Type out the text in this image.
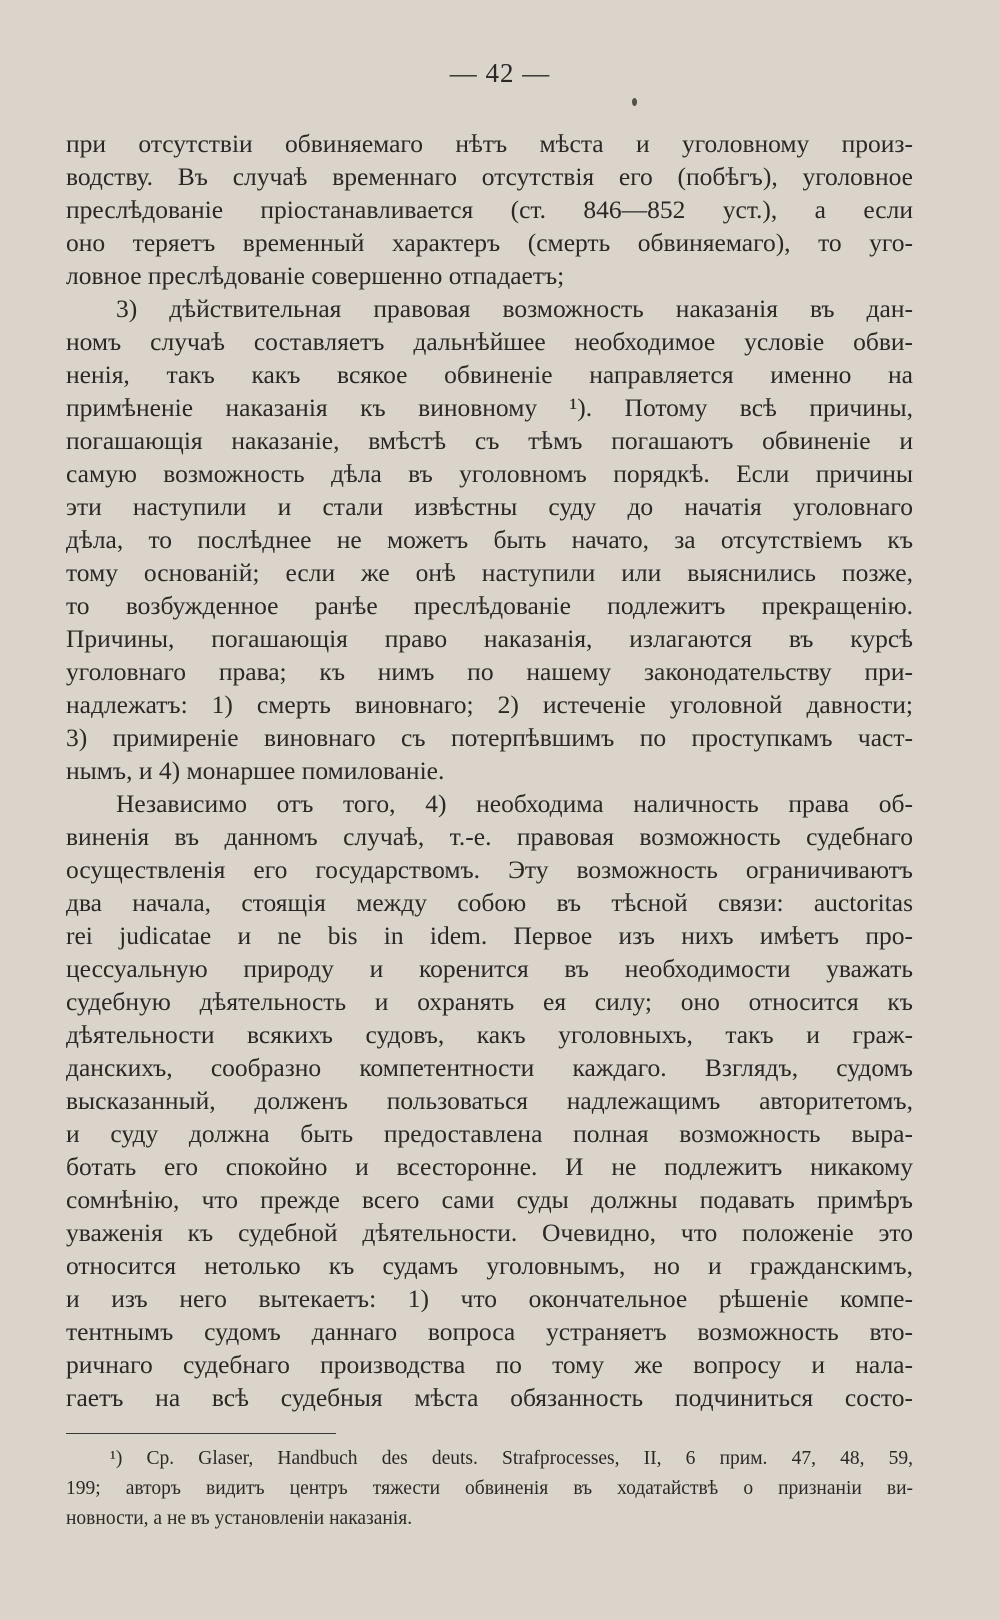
— 42 —
при отсутствіи обвиняемаго нѣтъ мѣста и уголовному произ-
водству. Въ случаѣ временнаго отсутствія его (побѣгъ), уголовное
преслѣдованіе пріостанавливается (ст. 846—852 уст.), а если
оно теряетъ временный характеръ (смерть обвиняемаго), то уго-
ловное преслѣдованіе совершенно отпадаетъ;
3) дѣйствительная правовая возможность наказанія въ дан-
номъ случаѣ составляетъ дальнѣйшее необходимое условіе обви-
ненія, такъ какъ всякое обвиненіе направляется именно на
примѣненіе наказанія къ виновному ¹). Потому всѣ причины,
погашающія наказаніе, вмѣстѣ съ тѣмъ погашаютъ обвиненіе и
самую возможность дѣла въ уголовномъ порядкѣ. Если причины
эти наступили и стали извѣстны суду до начатія уголовнаго
дѣла, то послѣднее не можетъ быть начато, за отсутствіемъ къ
тому основаній; если же онѣ наступили или выяснились позже,
то возбужденное ранѣе преслѣдованіе подлежитъ прекращенію.
Причины, погашающія право наказанія, излагаются въ курсѣ
уголовнаго права; къ нимъ по нашему законодательству при-
надлежатъ: 1) смерть виновнаго; 2) истеченіе уголовной давности;
3) примиреніе виновнаго съ потерпѣвшимъ по проступкамъ част-
нымъ, и 4) монаршее помилованіе.
Независимо отъ того, 4) необходима наличность права об-
виненія въ данномъ случаѣ, т.-е. правовая возможность судебнаго
осуществленія его государствомъ. Эту возможность ограничиваютъ
два начала, стоящія между собою въ тѣсной связи: auctoritas
rei judicatae и ne bis in idem. Первое изъ нихъ имѣетъ про-
цессуальную природу и коренится въ необходимости уважать
судебную дѣятельность и охранять ея силу; оно относится къ
дѣятельности всякихъ судовъ, какъ уголовныхъ, такъ и граж-
данскихъ, сообразно компетентности каждаго. Взглядъ, судомъ
высказанный, долженъ пользоваться надлежащимъ авторитетомъ,
и суду должна быть предоставлена полная возможность выра-
ботать его спокойно и всесторонне. И не подлежитъ никакому
сомнѣнію, что прежде всего сами суды должны подавать примѣръ
уваженія къ судебной дѣятельности. Очевидно, что положеніе это
относится нетолько къ судамъ уголовнымъ, но и гражданскимъ,
и изъ него вытекаетъ: 1) что окончательное рѣшеніе компе-
тентнымъ судомъ даннаго вопроса устраняетъ возможность вто-
ричнаго судебнаго производства по тому же вопросу и нала-
гаетъ на всѣ судебныя мѣста обязанность подчиниться состо-
¹) Ср. Glaser, Handbuch des deuts. Strafprocesses, II, 6 прим. 47, 48, 59,
199; авторъ видитъ центръ тяжести обвиненія въ ходатайствѣ о признаніи ви-
новности, а не въ установленіи наказанія.
